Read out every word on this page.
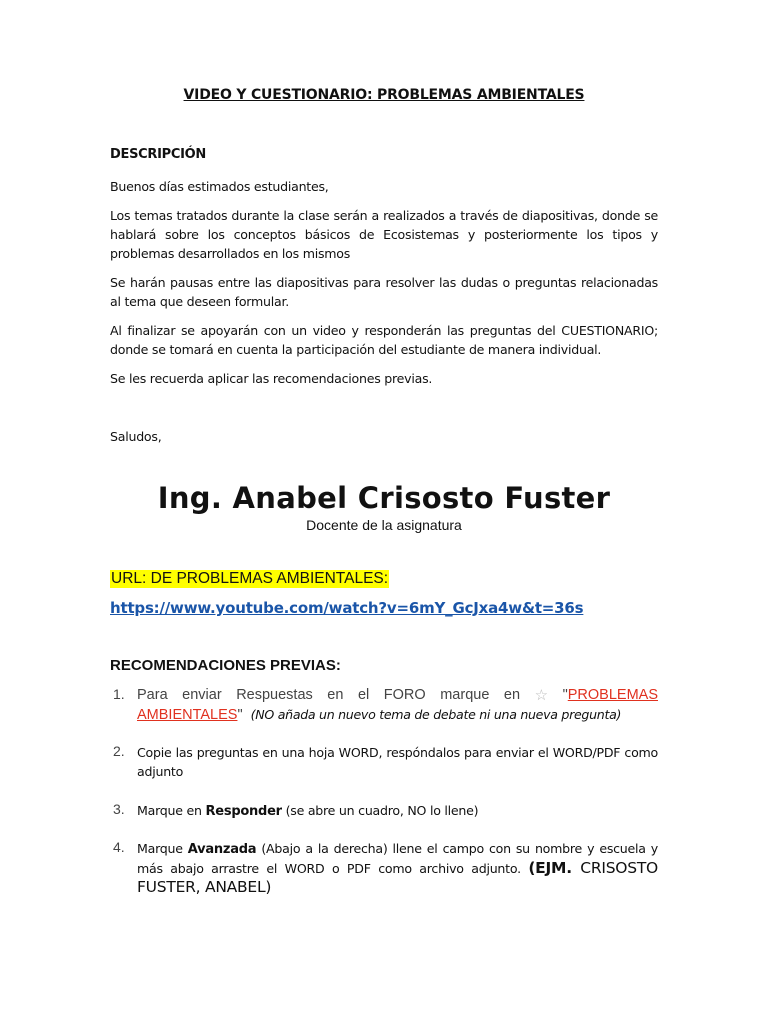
VIDEO Y CUESTIONARIO: PROBLEMAS AMBIENTALES
DESCRIPCIÓN

Buenos días estimados estudiantes,

Los temas tratados durante la clase serán a realizados a través de diapositivas, donde se hablará sobre los conceptos básicos de Ecosistemas y posteriormente los tipos y problemas desarrollados en los mismos

Se harán pausas entre las diapositivas para resolver las dudas o preguntas relacionadas al tema que deseen formular.

Al finalizar se apoyarán con un video y responderán las preguntas del CUESTIONARIO; donde se tomará en cuenta la participación del estudiante de manera individual.

Se les recuerda aplicar las recomendaciones previas.

Saludos,

Ing. Anabel Crisosto Fuster
Docente de la asignatura
URL: DE PROBLEMAS AMBIENTALES:
https://www.youtube.com/watch?v=6mY_GcJxa4w&t=36s
RECOMENDACIONES PREVIAS:
1. Para enviar Respuestas en el FORO marque en ☆ "PROBLEMAS AMBIENTALES" (NO añada un nuevo tema de debate ni una nueva pregunta)
2. Copie las preguntas en una hoja WORD, respóndalos para enviar el WORD/PDF como adjunto
3. Marque en Responder (se abre un cuadro, NO lo llene)
4. Marque Avanzada (Abajo a la derecha) llene el campo con su nombre y escuela y más abajo arrastre el WORD o PDF como archivo adjunto. (EJM. CRISOSTO FUSTER, ANABEL)
